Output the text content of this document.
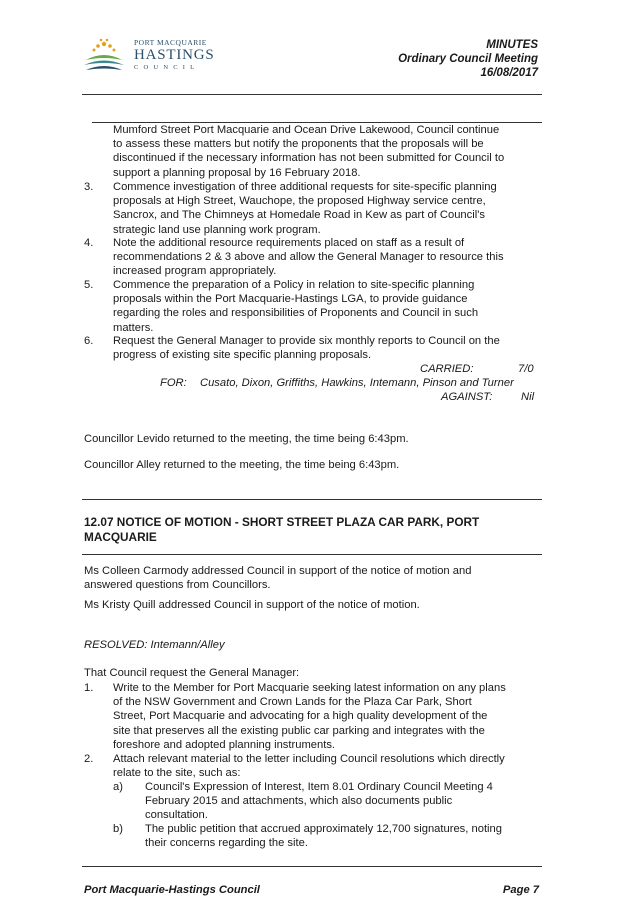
PORT MACQUARIE
HASTINGS
COUNCIL
MINUTES
Ordinary Council Meeting
16/08/2017
Mumford Street Port Macquarie and Ocean Drive Lakewood, Council continue
to assess these matters but notify the proponents that the proposals will be
discontinued if the necessary information has not been submitted for Council to
support a planning proposal by 16 February 2018.
3. Commence investigation of three additional requests for site-specific planning
proposals at High Street, Wauchope, the proposed Highway service centre,
Sancrox, and The Chimneys at Homedale Road in Kew as part of Council's
strategic land use planning work program.
4. Note the additional resource requirements placed on staff as a result of
recommendations 2 & 3 above and allow the General Manager to resource this
increased program appropriately.
5. Commence the preparation of a Policy in relation to site-specific planning
proposals within the Port Macquarie-Hastings LGA, to provide guidance
regarding the roles and responsibilities of Proponents and Council in such
matters.
6. Request the General Manager to provide six monthly reports to Council on the
progress of existing site specific planning proposals.
CARRIED:	7/0
FOR: Cusato, Dixon, Griffiths, Hawkins, Intemann, Pinson and Turner
AGAINST:	Nil
Councillor Levido returned to the meeting, the time being 6:43pm.
Councillor Alley returned to the meeting, the time being 6:43pm.
12.07 NOTICE OF MOTION - SHORT STREET PLAZA CAR PARK, PORT
MACQUARIE
Ms Colleen Carmody addressed Council in support of the notice of motion and
answered questions from Councillors.
Ms Kristy Quill addressed Council in support of the notice of motion.
RESOLVED: Intemann/Alley
That Council request the General Manager:
1. Write to the Member for Port Macquarie seeking latest information on any plans
of the NSW Government and Crown Lands for the Plaza Car Park, Short
Street, Port Macquarie and advocating for a high quality development of the
site that preserves all the existing public car parking and integrates with the
foreshore and adopted planning instruments.
2. Attach relevant material to the letter including Council resolutions which directly
relate to the site, such as:
a) Council's Expression of Interest, Item 8.01 Ordinary Council Meeting 4
February 2015 and attachments, which also documents public
consultation.
b) The public petition that accrued approximately 12,700 signatures, noting
their concerns regarding the site.
Port Macquarie-Hastings Council	Page 7
